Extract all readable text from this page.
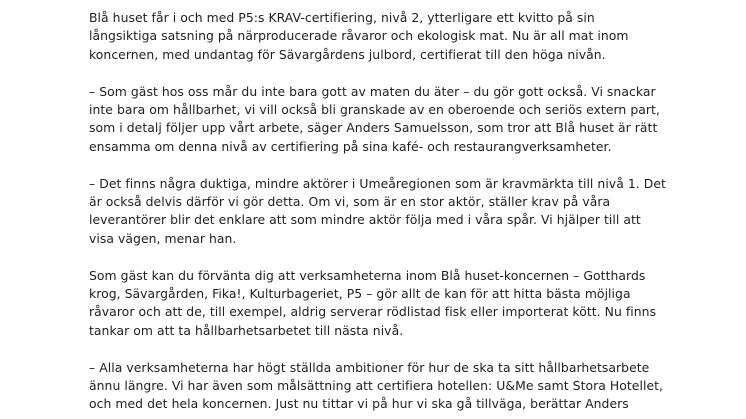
Blå huset får i och med P5:s KRAV-certifiering, nivå 2, ytterligare ett kvitto på sin
långsiktiga satsning på närproducerade råvaror och ekologisk mat. Nu är all mat inom
koncernen, med undantag för Sävargårdens julbord, certifierat till den höga nivån.

– Som gäst hos oss mår du inte bara gott av maten du äter – du gör gott också. Vi snackar
inte bara om hållbarhet, vi vill också bli granskade av en oberoende och seriös extern part,
som i detalj följer upp vårt arbete, säger Anders Samuelsson, som tror att Blå huset är rätt
ensamma om denna nivå av certifiering på sina kafé- och restaurangverksamheter.

– Det finns några duktiga, mindre aktörer i Umeåregionen som är kravmärkta till nivå 1. Det
är också delvis därför vi gör detta. Om vi, som är en stor aktör, ställer krav på våra
leverantörer blir det enklare att som mindre aktör följa med i våra spår. Vi hjälper till att
visa vägen, menar han.

Som gäst kan du förvänta dig att verksamheterna inom Blå huset-koncernen – Gotthards
krog, Sävargården, Fika!, Kulturbageriet, P5 – gör allt de kan för att hitta bästa möjliga
råvaror och att de, till exempel, aldrig serverar rödlistad fisk eller importerat kött. Nu finns
tankar om att ta hållbarhetsarbetet till nästa nivå.

– Alla verksamheterna har högt ställda ambitioner för hur de ska ta sitt hållbarhetsarbete
ännu längre. Vi har även som målsättning att certifiera hotellen: U&Me samt Stora Hotellet,
och med det hela koncernen. Just nu tittar vi på hur vi ska gå tillväga, berättar Anders
